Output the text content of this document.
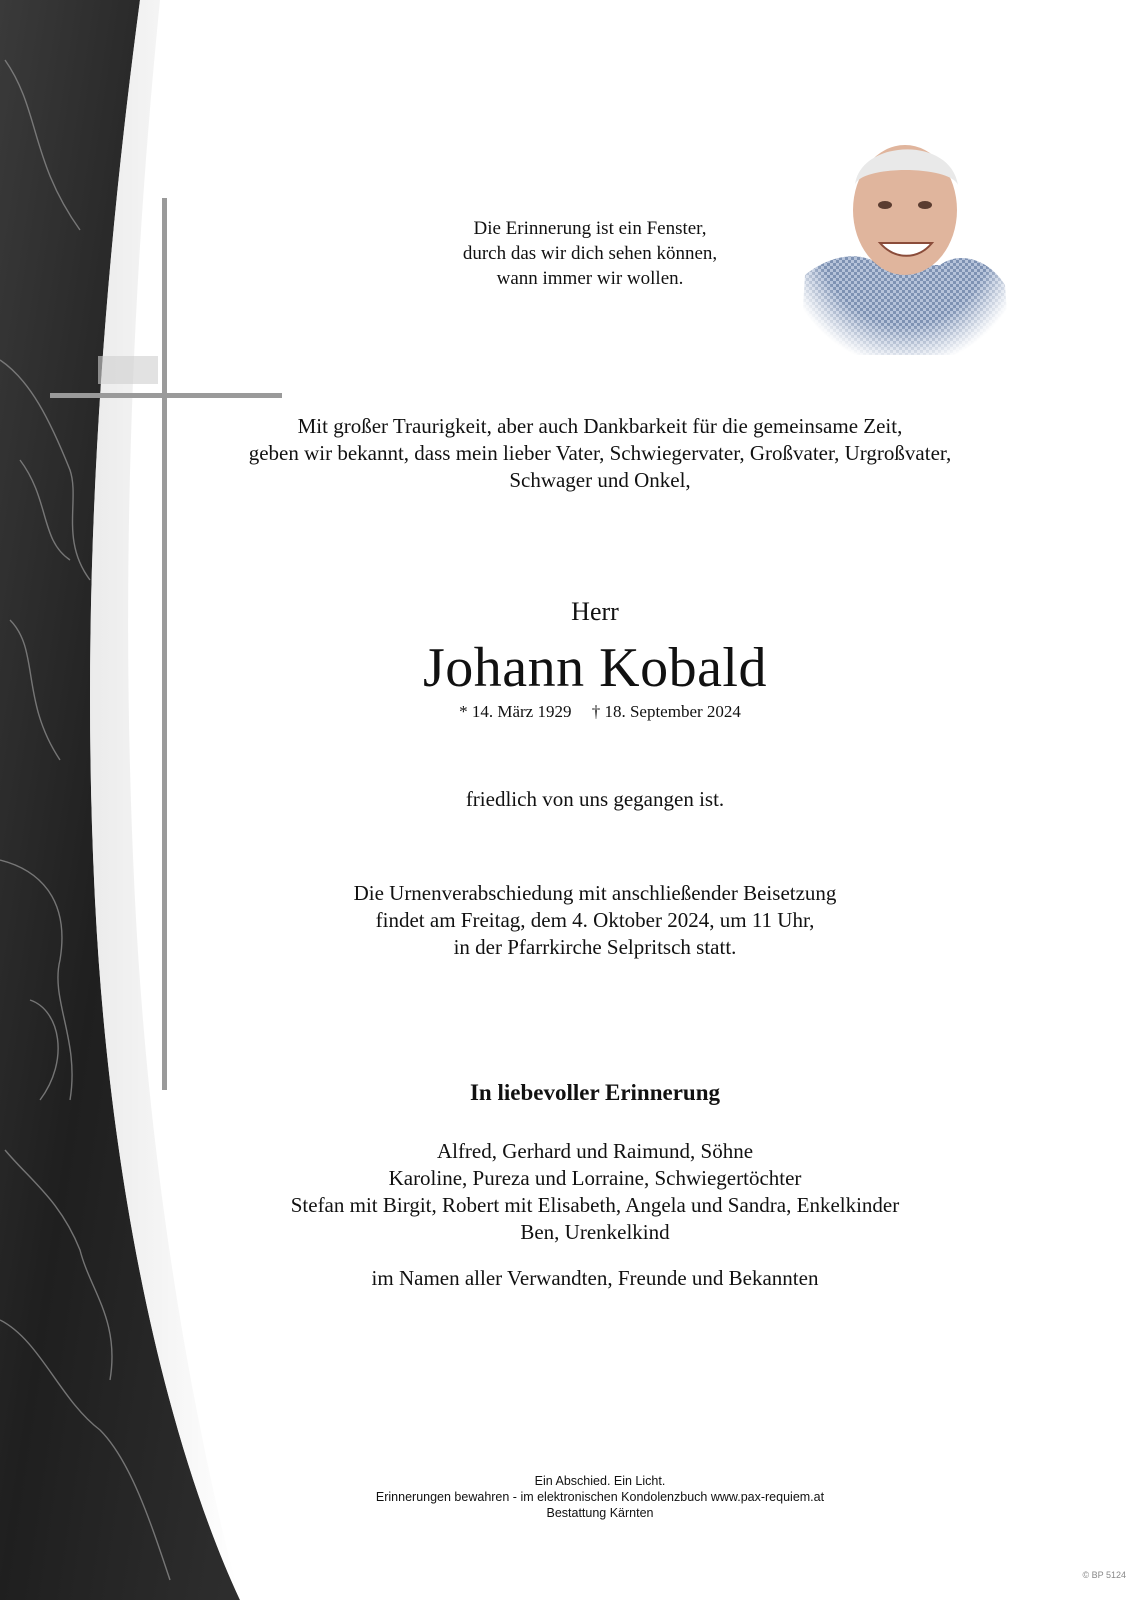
Die Erinnerung ist ein Fenster,
durch das wir dich sehen können,
wann immer wir wollen.
Mit großer Traurigkeit, aber auch Dankbarkeit für die gemeinsame Zeit,
geben wir bekannt, dass mein lieber Vater, Schwiegervater, Großvater, Urgroßvater,
Schwager und Onkel,
Herr
Johann Kobald
* 14. März 1929 † 18. September 2024
friedlich von uns gegangen ist.
Die Urnenverabschiedung mit anschließender Beisetzung
findet am Freitag, dem 4. Oktober 2024, um 11 Uhr,
in der Pfarrkirche Selpritsch statt.
In liebevoller Erinnerung
Alfred, Gerhard und Raimund, Söhne
Karoline, Pureza und Lorraine, Schwiegertöchter
Stefan mit Birgit, Robert mit Elisabeth, Angela und Sandra, Enkelkinder
Ben, Urenkelkind
im Namen aller Verwandten, Freunde und Bekannten
Ein Abschied. Ein Licht.
Erinnerungen bewahren - im elektronischen Kondolenzbuch www.pax-requiem.at
Bestattung Kärnten
© BP 5124
